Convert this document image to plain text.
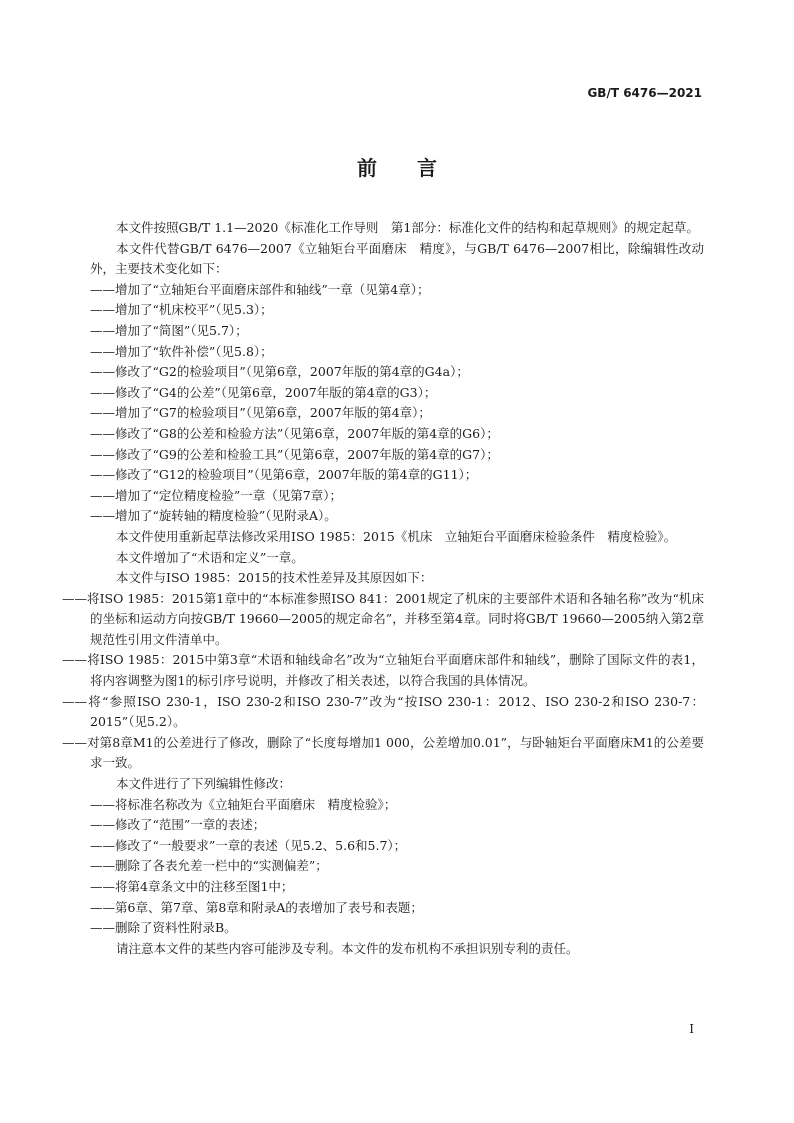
GB/T 6476—2021
前言

本文件按照GB/T 1.1—2020《标准化工作导则　第1部分：标准化文件的结构和起草规则》的规定起草。

本文件代替GB/T 6476—2007《立轴矩台平面磨床　精度》，与GB/T 6476—2007相比，除编辑性改动外，主要技术变化如下：

——增加了“立轴矩台平面磨床部件和轴线”一章（见第4章）；

——增加了“机床校平”（见5.3）；

——增加了“简图”（见5.7）；

——增加了“软件补偿”（见5.8）；

——修改了“G2的检验项目”（见第6章，2007年版的第4章的G4a）；

——修改了“G4的公差”（见第6章，2007年版的第4章的G3）；

——增加了“G7的检验项目”（见第6章，2007年版的第4章）；

——修改了“G8的公差和检验方法”（见第6章，2007年版的第4章的G6）；

——修改了“G9的公差和检验工具”（见第6章，2007年版的第4章的G7）；

——修改了“G12的检验项目”（见第6章，2007年版的第4章的G11）；

——增加了“定位精度检验”一章（见第7章）；

——增加了“旋转轴的精度检验”（见附录A）。

本文件使用重新起草法修改采用ISO 1985：2015《机床　立轴矩台平面磨床检验条件　精度检验》。

本文件增加了“术语和定义”一章。

本文件与ISO 1985：2015的技术性差异及其原因如下：

——将ISO 1985：2015第1章中的“本标准参照ISO 841：2001规定了机床的主要部件术语和各轴名称”改为“机床的坐标和运动方向按GB/T 19660—2005的规定命名”，并移至第4章。同时将GB/T 19660—2005纳入第2章规范性引用文件清单中。

——将ISO 1985：2015中第3章“术语和轴线命名”改为“立轴矩台平面磨床部件和轴线”，删除了国际文件的表1，将内容调整为图1的标引序号说明，并修改了相关表述，以符合我国的具体情况。

——将“参照ISO 230-1，ISO 230-2和ISO 230-7”改为“按ISO 230-1：2012、ISO 230-2和ISO 230-7：2015”（见5.2）。

——对第8章M1的公差进行了修改，删除了“长度每增加1 000，公差增加0.01”，与卧轴矩台平面磨床M1的公差要求一致。

本文件进行了下列编辑性修改：

——将标准名称改为《立轴矩台平面磨床　精度检验》；

——修改了“范围”一章的表述；

——修改了“一般要求”一章的表述（见5.2、5.6和5.7）；

——删除了各表允差一栏中的“实测偏差”；

——将第4章条文中的注移至图1中；

——第6章、第7章、第8章和附录A的表增加了表号和表题；

——删除了资料性附录B。

请注意本文件的某些内容可能涉及专利。本文件的发布机构不承担识别专利的责任。

I
